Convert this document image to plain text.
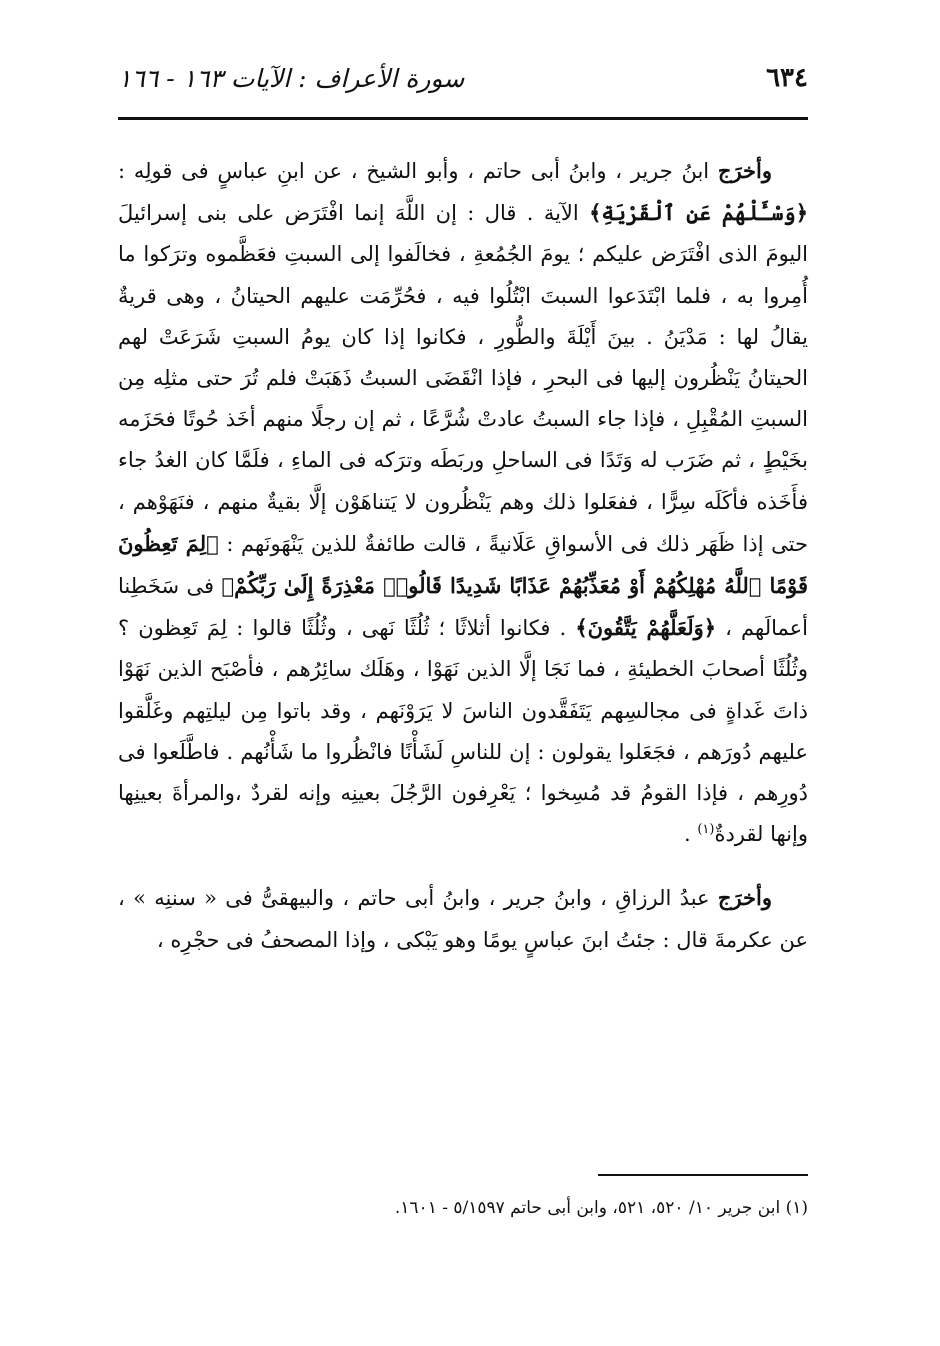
٦٣٤
سورة الأعراف : الآيات ١٦٣ - ١٦٦

وأخرَج ابنُ جرير ، وابنُ أبى حاتم ، وأبو الشيخ ، عن ابنِ عباسٍ فى قولِه : ﴿وَسْـَٔلْهُمْ عَنِ ٱلْقَرْيَةِ﴾ الآية . قال : إن اللَّهَ إنما افْتَرَض على بنى إسرائيلَ اليومَ الذى افْتَرَض عليكم ؛ يومَ الجُمُعةِ ، فخالَفوا إلى السبتِ فعَظَّموه وترَكوا ما أُمِروا به ، فلما ابْتَدَعوا السبتَ ابْتُلُوا فيه ، فحُرِّمَت عليهم الحيتانُ ، وهى قريةٌ يقالُ لها : مَدْيَنُ . بينَ أَيْلَةَ والطُّورِ ، فكانوا إذا كان يومُ السبتِ شَرَعَتْ لهم الحيتانُ يَنْظُرون إليها فى البحرِ ، فإذا انْقَضَى السبتُ ذَهَبَتْ فلم تُرَ حتى مثلِه مِن السبتِ المُقْبِلِ ، فإذا جاء السبتُ عادتْ شُرَّعًا ، ثم إن رجلًا منهم أخَذ حُوتًا فحَزَمه بخَيْطٍ ، ثم ضَرَب له وَتَدًا فى الساحلِ وربَطَه وترَكه فى الماءِ ، فلَمَّا كان الغدُ جاء فأَخَذه فأكَلَه سِرًّا ، ففعَلوا ذلك وهم يَنْظُرون لا يَتناهَوْن إلَّا بقيةٌ منهم ، فنَهَوْهم ، حتى إذا ظَهَر ذلك فى الأسواقِ عَلَانيةً ، قالت طائفةٌ للذين يَنْهَونَهم : ﴿لِمَ تَعِظُونَ قَوْمًا ٱللَّهُ مُهْلِكُهُمْ أَوْ مُعَذِّبُهُمْ عَذَابًا شَدِيدًا قَالُوا۟ مَعْذِرَةً إِلَىٰ رَبِّكُمْ﴾ فى سَخَطِنا أعمالَهم ، ﴿وَلَعَلَّهُمْ يَتَّقُونَ﴾ . فكانوا أثلاثًا ؛ ثُلُثًا نَهى ، وثُلُثًا قالوا : لِمَ تَعِظون ؟ وثُلُثًا أصحابَ الخطيئةِ ، فما نَجَا إلَّا الذين نَهَوْا ، وهَلَك سائِرُهم ، فأصْبَح الذين نَهَوْا ذاتَ غَداةٍ فى مجالسِهم يَتَفَقَّدون الناسَ لا يَرَوْنَهم ، وقد باتوا مِن ليلتِهم وغَلَّقوا عليهم دُورَهم ، فجَعَلوا يقولون : إن للناسِ لَشَأْنًا فانْظُروا ما شَأْنُهم . فاطَّلَعوا فى دُورِهم ، فإذا القومُ قد مُسِخوا ؛ يَعْرِفون الرَّجُلَ بعينِه وإنه لقردٌ ،والمرأةَ بعينِها وإنها لقردةٌ$^{(١)}$ .

وأخرَج عبدُ الرزاقِ ، وابنُ جرير ، وابنُ أبى حاتم ، والبيهقىُّ فى « سننِه » ، عن عكرمةَ قال : جئتُ ابنَ عباسٍ يومًا وهو يَبْكى ، وإذا المصحفُ فى حجْرِه ،

(١) ابن جرير ١٠/ ٥٢٠، ٥٢١، وابن أبى حاتم ٥/١٥٩٧ - ١٦٠١.
